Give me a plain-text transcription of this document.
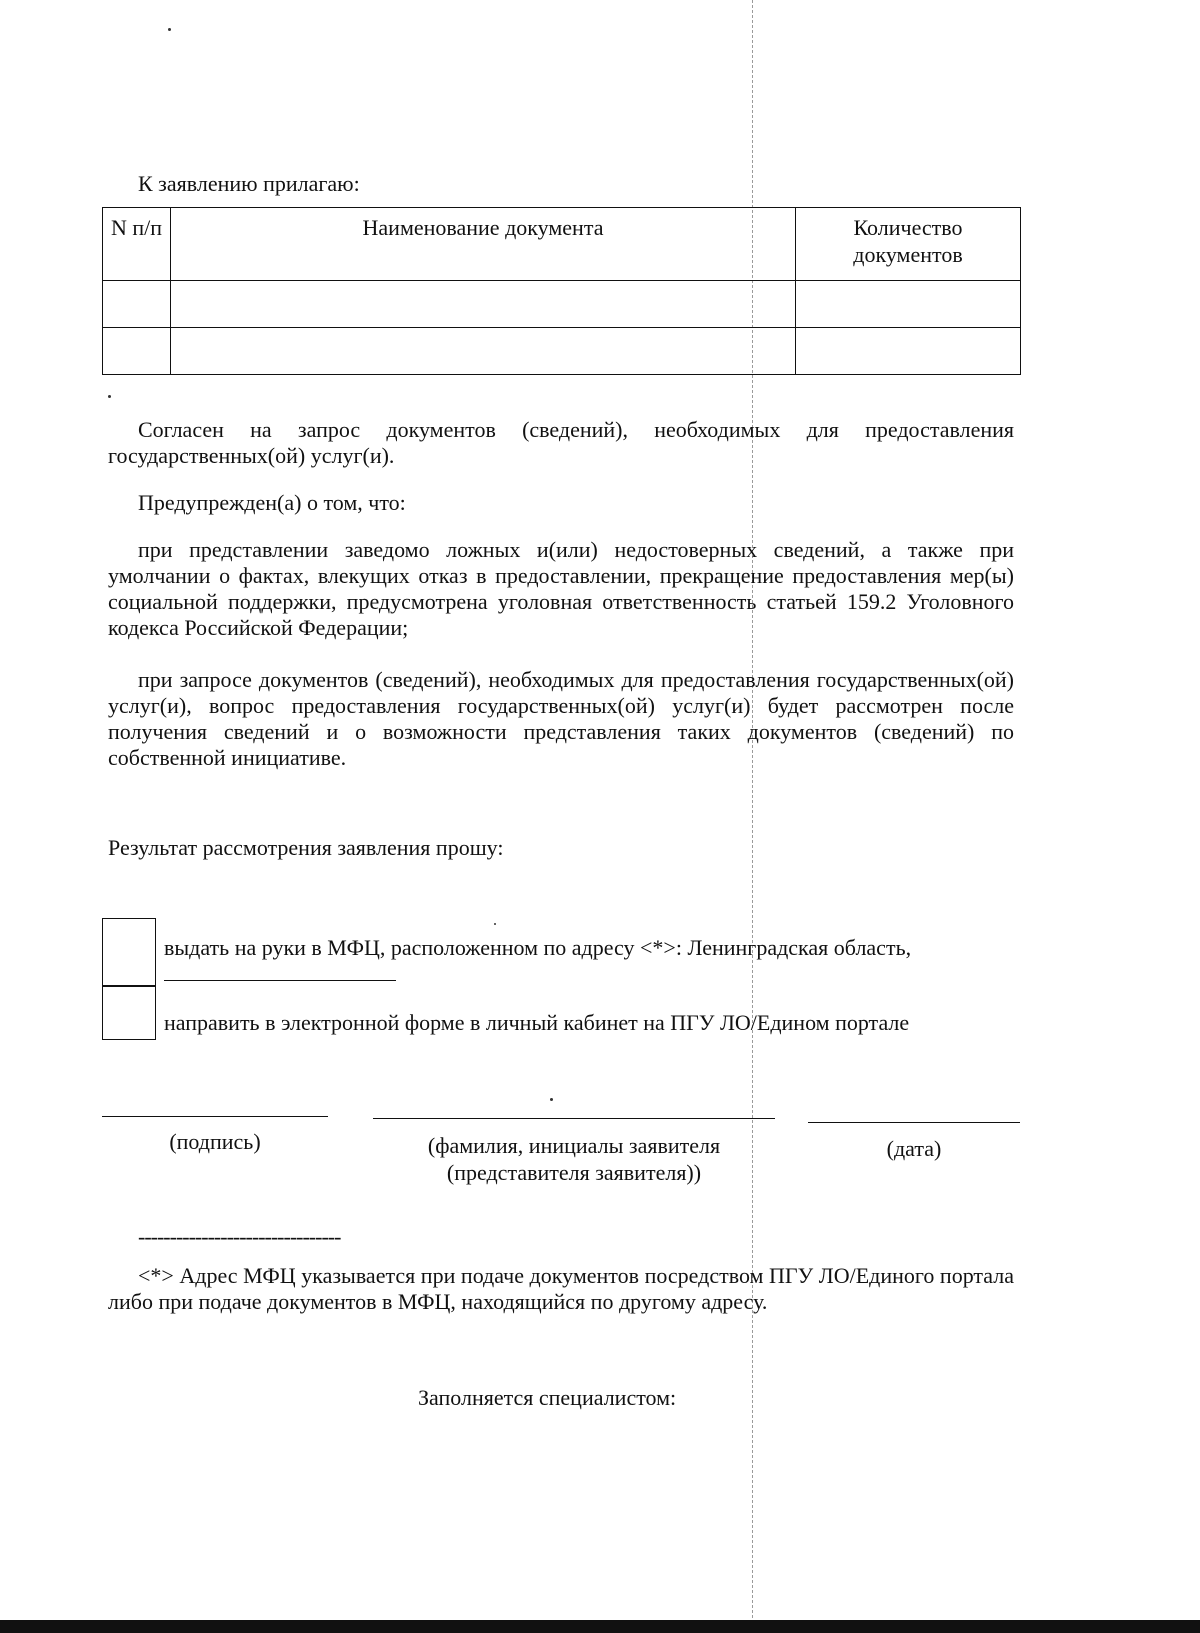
К заявлению прилагаю:
N п/п	Наименование документа	Количество документов

Согласен на запрос документов (сведений), необходимых для предоставления государственных(ой) услуг(и).
Предупрежден(а) о том, что:
при представлении заведомо ложных и(или) недостоверных сведений, а также при умолчании о фактах, влекущих отказ в предоставлении, прекращение предоставления мер(ы) социальной поддержки, предусмотрена уголовная ответственность статьей 159.2 Уголовного кодекса Российской Федерации;
при запросе документов (сведений), необходимых для предоставления государственных(ой) услуг(и), вопрос предоставления государственных(ой) услуг(и) будет рассмотрен после получения сведений и о возможности представления таких документов (сведений) по собственной инициативе.
Результат рассмотрения заявления прошу:
выдать на руки в МФЦ, расположенном по адресу <*>: Ленинградская область,
направить в электронной форме в личный кабинет на ПГУ ЛО/Едином портале
(подпись)	(фамилия, инициалы заявителя
(представителя заявителя))
(дата)
--------------------------------
<*> Адрес МФЦ указывается при подаче документов посредством ПГУ ЛО/Единого портала либо при подаче документов в МФЦ, находящийся по другому адресу.
Заполняется специалистом:
